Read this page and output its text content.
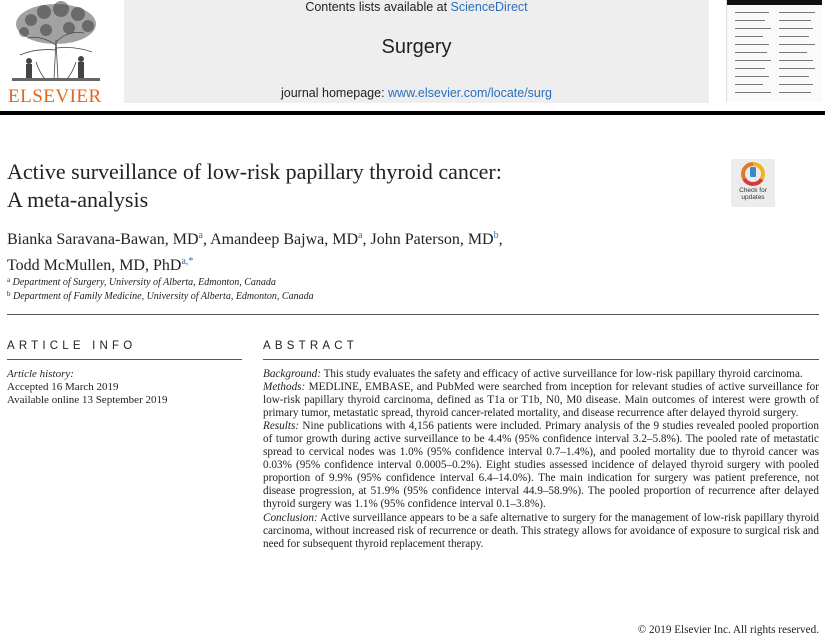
ELSEVIER
Contents lists available at ScienceDirect
Surgery
journal homepage: www.elsevier.com/locate/surg
Active surveillance of low-risk papillary thyroid cancer:
A meta-analysis	Check for updates
Bianka Saravana-Bawan, $MD^a$, Amandeep Bajwa, $MD^a$, John Paterson, $MD^b$,
Todd McMullen, MD, PhD$^{a,*}$
$^a$ Department of Surgery, University of Alberta, Edmonton, Canada
$^b$ Department of Family Medicine, University of Alberta, Edmonton, Canada
ARTICLE INFO
Article history:
Accepted 16 March 2019
Available online 13 September 2019
ABSTRACT

Background: This study evaluates the safety and efficacy of active surveillance for low-risk papillary thyroid carcinoma.

Methods: MEDLINE, EMBASE, and PubMed were searched from inception for relevant studies of active surveillance for low-risk papillary thyroid carcinoma, defined as T1a or T1b, N0, M0 disease. Main outcomes of interest were growth of primary tumor, metastatic spread, thyroid cancer-related mortality, and disease recurrence after delayed thyroid surgery.

Results: Nine publications with 4,156 patients were included. Primary analysis of the 9 studies revealed pooled proportion of tumor growth during active surveillance to be 4.4% (95% confidence interval 3.2–5.8%). The pooled rate of metastatic spread to cervical nodes was 1.0% (95% confidence interval 0.7–1.4%), and pooled mortality due to thyroid cancer was 0.03% (95% confidence interval 0.0005–0.2%). Eight studies assessed incidence of delayed thyroid surgery with pooled proportion of 9.9% (95% confidence interval 6.4–14.0%). The main indication for surgery was patient preference, not disease progression, at 51.9% (95% confidence interval 44.9–58.9%). The pooled proportion of recurrence after delayed thyroid surgery was 1.1% (95% confidence interval 0.1–3.8%).

Conclusion: Active surveillance appears to be a safe alternative to surgery for the management of low-risk papillary thyroid carcinoma, without increased risk of recurrence or death. This strategy allows for avoidance of exposure to surgical risk and need for subsequent thyroid replacement therapy.

© 2019 Elsevier Inc. All rights reserved.
